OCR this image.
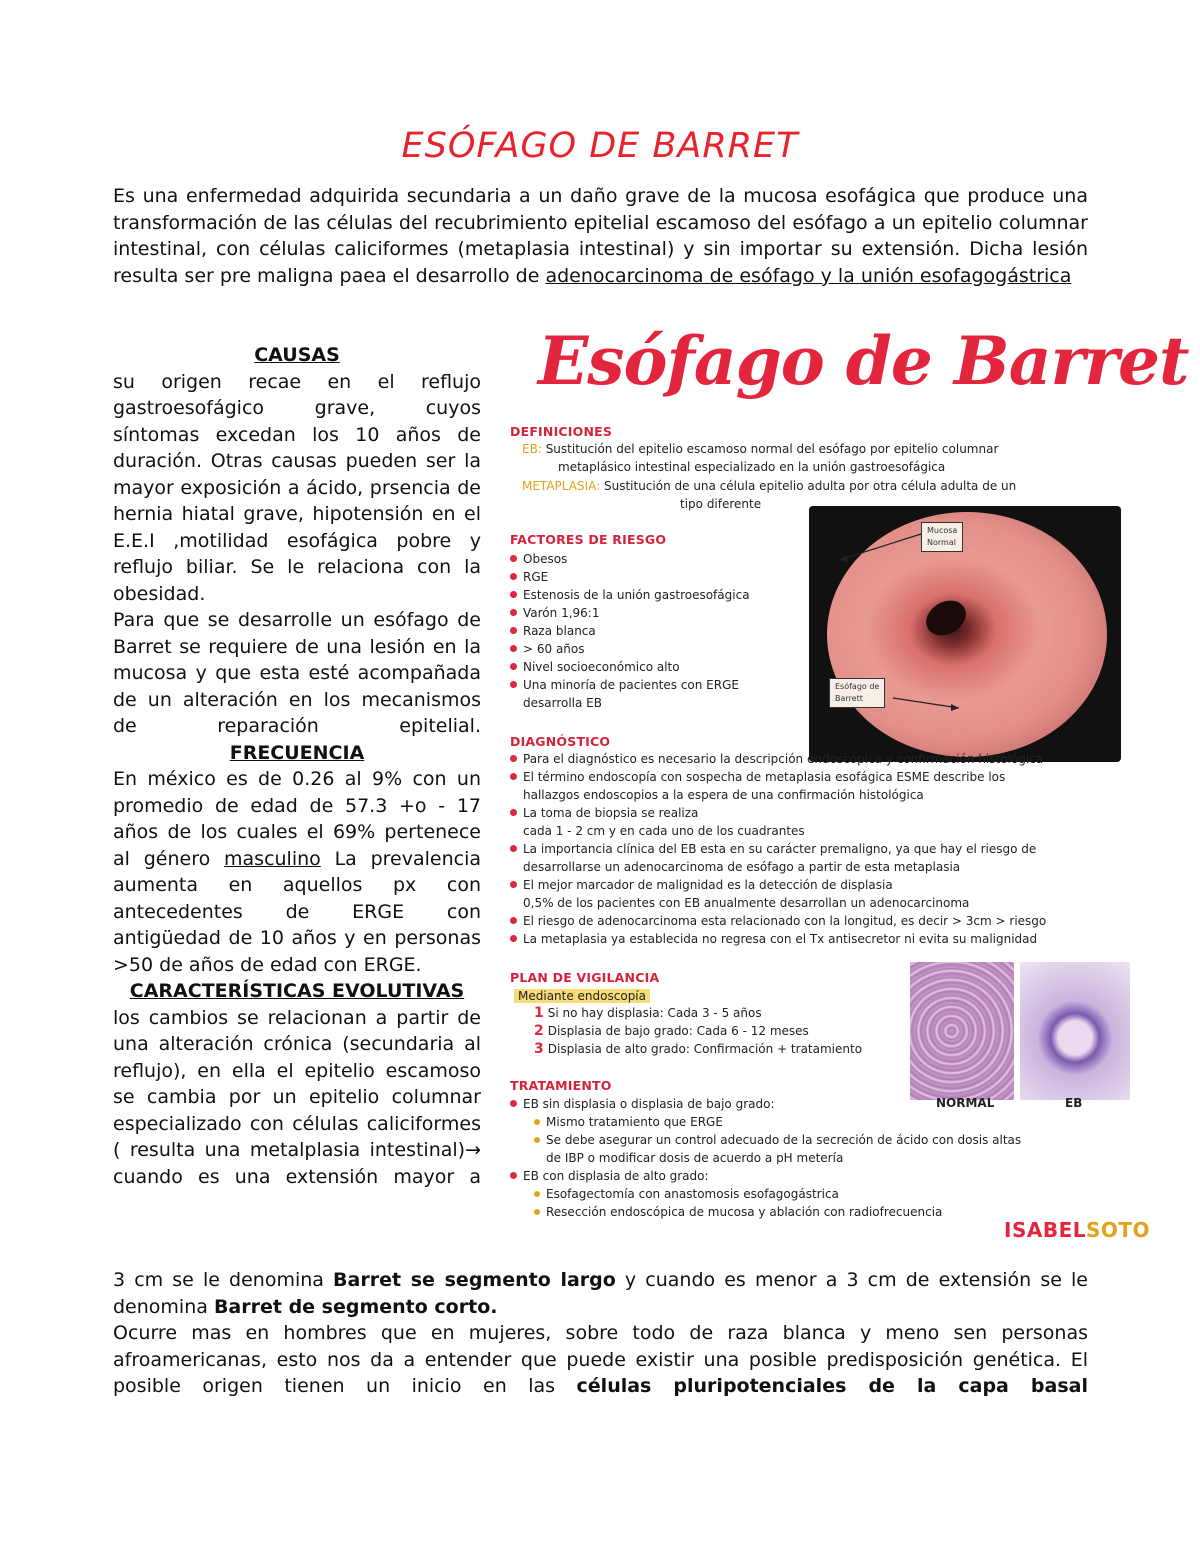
ESÓFAGO DE BARRET
Es una enfermedad adquirida secundaria a un daño grave de la mucosa esofágica que produce una transformación de las células del recubrimiento epitelial escamoso del esófago a un epitelio columnar intestinal, con células caliciformes (metaplasia intestinal) y sin importar su extensión. Dicha lesión resulta ser pre maligna paea el desarrollo de adenocarcinoma de esófago y la unión esofagogástrica
CAUSAS
su origen recae en el reflujo gastroesofágico grave, cuyos síntomas excedan los 10 años de duración. Otras causas pueden ser la mayor exposición a ácido, prsencia de hernia hiatal grave, hipotensión en el E.E.I ,motilidad esofágica pobre y reflujo biliar. Se le relaciona con la obesidad.
Para que se desarrolle un esófago de Barret se requiere de una lesión en la mucosa y que esta esté acompañada de un alteración en los mecanismos de reparación epitelial.
FRECUENCIA
En méxico es de 0.26 al 9% con un promedio de edad de 57.3 +o - 17 años de los cuales el 69% pertenece al género masculino La prevalencia aumenta en aquellos px con antecedentes de ERGE con antigüedad de 10 años y en personas >50 de años de edad con ERGE.
CARACTERÍSTICAS EVOLUTIVAS
los cambios se relacionan a partir de una alteración crónica (secundaria al reflujo), en ella el epitelio escamoso se cambia por un epitelio columnar especializado con células caliciformes ( resulta una metalplasia intestinal)→ cuando es una extensión mayor a
3 cm se le denomina Barret se segmento largo y cuando es menor a 3 cm de extensión se le denomina Barret de segmento corto.
Ocurre mas en hombres que en mujeres, sobre todo de raza blanca y meno sen personas afroamericanas, esto nos da a entender que puede existir una posible predisposición genética. El posible origen tienen un inicio en las células pluripotenciales de la capa basal
Esófago de Barret
DEFINICIONES
EB: Sustitución del epitelio escamoso normal del esófago por epitelio columnar
metaplásico intestinal especializado en la unión gastroesofágica
METAPLASIA: Sustitución de una célula epitelio adulta por otra célula adulta de un
tipo diferente
FACTORES DE RIESGO
Obesos
RGE
Estenosis de la unión gastroesofágica
Varón 1,96:1
Raza blanca
> 60 años
Nivel socioeconómico alto
Una minoría de pacientes con ERGE
desarrolla EB
Mucosa
Normal
Esófago de
Barrett
DIAGNÓSTICO
Para el diagnóstico es necesario la descripción endoscópica y confirmación histológica
El término endoscopía con sospecha de metaplasia esofágica ESME describe los
hallazgos endoscopios a la espera de una confirmación histológica
La toma de biopsia se realiza
cada 1 - 2 cm y en cada uno de los cuadrantes
La importancia clínica del EB esta en su carácter premaligno, ya que hay el riesgo de
desarrollarse un adenocarcinoma de esófago a partir de esta metaplasia
El mejor marcador de malignidad es la detección de displasia
0,5% de los pacientes con EB anualmente desarrollan un adenocarcinoma
El riesgo de adenocarcinoma esta relacionado con la longitud, es decir > 3cm > riesgo
La metaplasia ya establecida no regresa con el Tx antisecretor ni evita su malignidad
PLAN DE VIGILANCIA
Mediante endoscopía
1 Si no hay displasia: Cada 3 - 5 años
2 Displasia de bajo grado: Cada 6 - 12 meses
3 Displasia de alto grado: Confirmación + tratamiento
NORMAL	EB
TRATAMIENTO
EB sin displasia o displasia de bajo grado:
Mismo tratamiento que ERGE
Se debe asegurar un control adecuado de la secreción de ácido con dosis altas
de IBP o modificar dosis de acuerdo a pH metería
EB con displasia de alto grado:
Esofagectomía con anastomosis esofagogástrica
Resección endoscópica de mucosa y ablación con radiofrecuencia
ISABELSOTO
